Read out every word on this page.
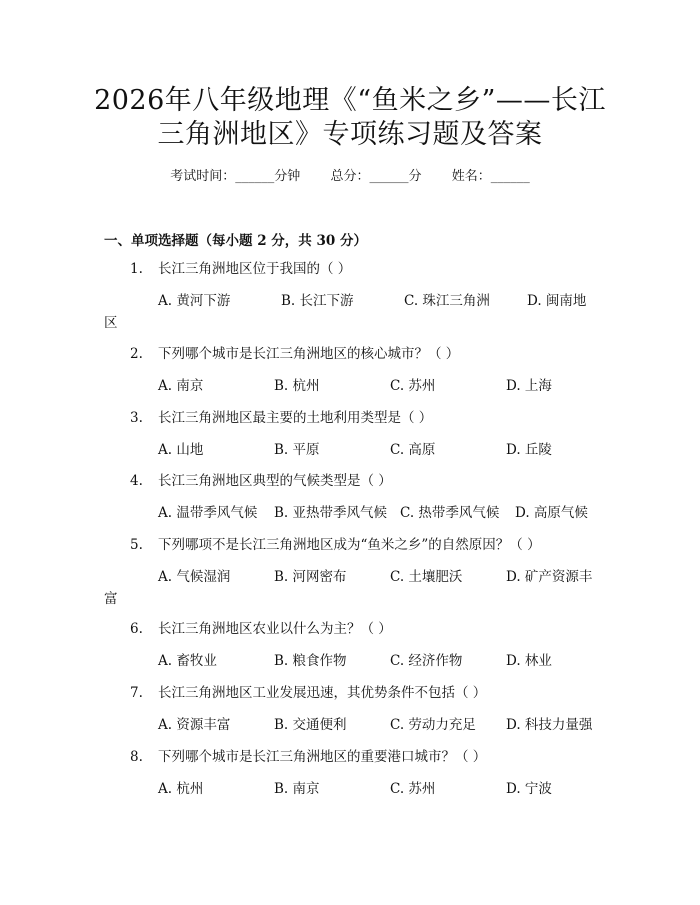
2026年八年级地理《“鱼米之乡”——长江
三角洲地区》专项练习题及答案
考试时间：______分钟 总分：______分 姓名：______
一、单项选择题（每小题 2 分，共 30 分）
1. 长江三角洲地区位于我国的（ ）
A. 黄河下游	B. 长江下游	C. 珠江三角洲	D. 闽南地
区
2. 下列哪个城市是长江三角洲地区的核心城市？（ ）
A. 南京	B. 杭州	C. 苏州	D. 上海
3. 长江三角洲地区最主要的土地利用类型是（ ）
A. 山地	B. 平原	C. 高原	D. 丘陵
4. 长江三角洲地区典型的气候类型是（ ）
A. 温带季风气候 B. 亚热带季风气候 C. 热带季风气候 D. 高原气候
5. 下列哪项不是长江三角洲地区成为“鱼米之乡”的自然原因？（ ）
A. 气候湿润	B. 河网密布	C. 土壤肥沃	D. 矿产资源丰
富
6. 长江三角洲地区农业以什么为主？（ ）
A. 畜牧业	B. 粮食作物	C. 经济作物	D. 林业
7. 长江三角洲地区工业发展迅速，其优势条件不包括（ ）
A. 资源丰富	B. 交通便利	C. 劳动力充足 D. 科技力量强
8. 下列哪个城市是长江三角洲地区的重要港口城市？（ ）
A. 杭州	B. 南京	C. 苏州	D. 宁波
